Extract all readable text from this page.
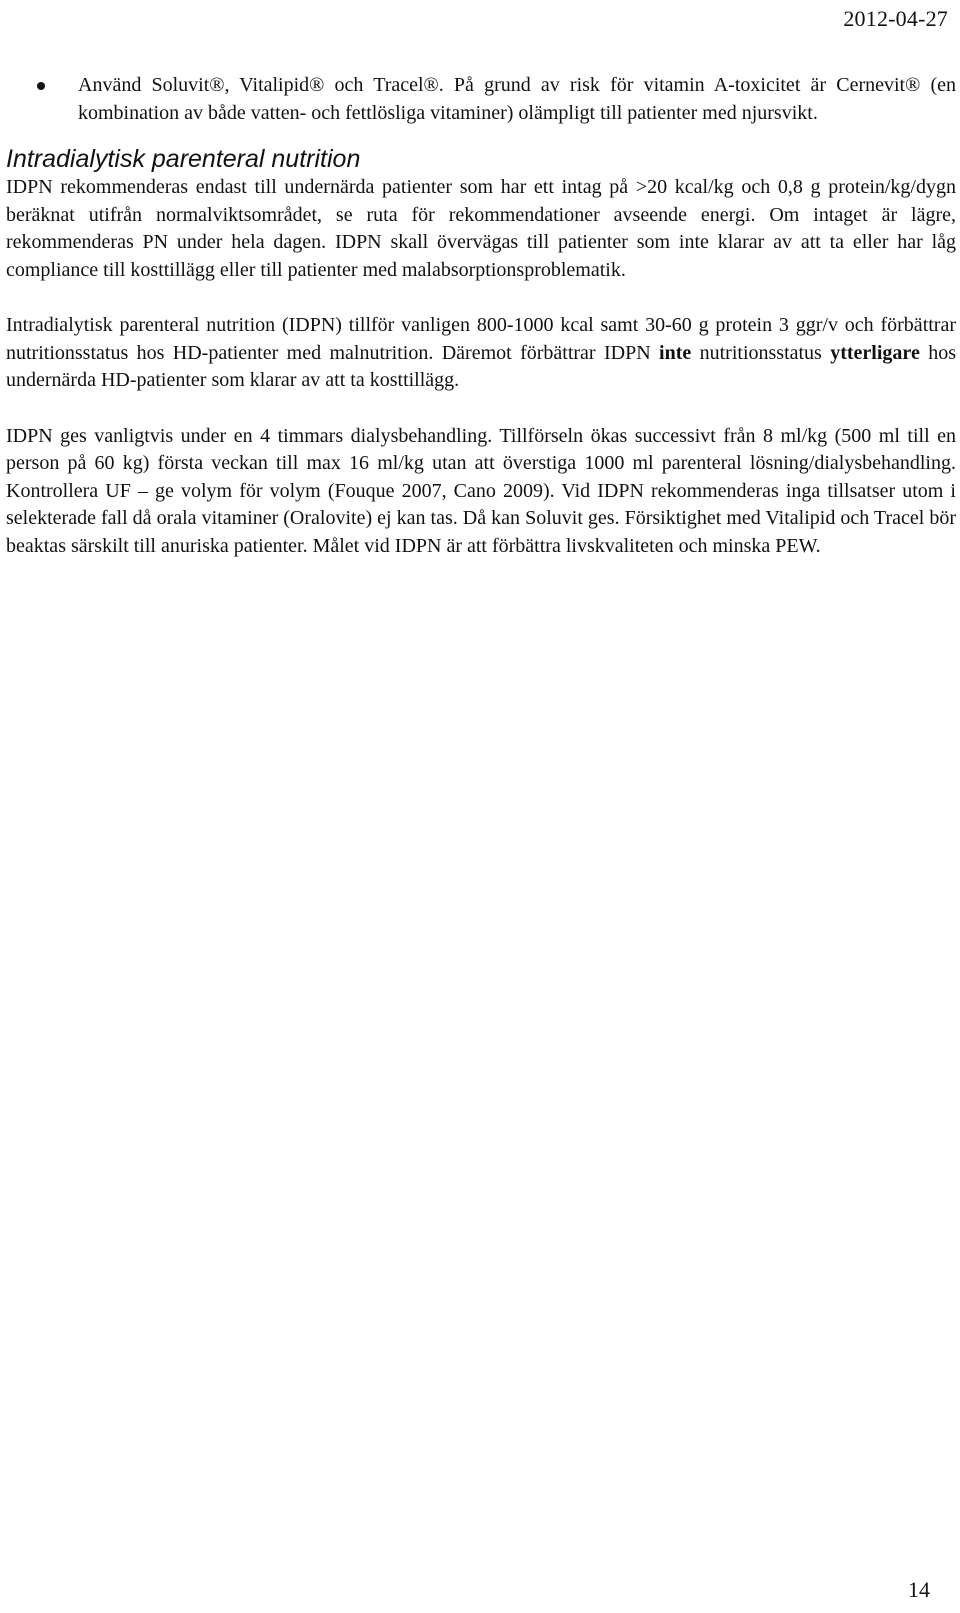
2012-04-27
Använd Soluvit®, Vitalipid® och Tracel®. På grund av risk för vitamin A-toxicitet är Cernevit® (en kombination av både vatten- och fettlösliga vitaminer) olämpligt till patienter med njursvikt.
Intradialytisk parenteral nutrition

IDPN rekommenderas endast till undernärda patienter som har ett intag på >20 kcal/kg och 0,8 g protein/kg/dygn beräknat utifrån normalviktsområdet, se ruta för rekommendationer avseende energi. Om intaget är lägre, rekommenderas PN under hela dagen. IDPN skall övervägas till patienter som inte klarar av att ta eller har låg compliance till kosttillägg eller till patienter med malabsorptionsproblematik.

Intradialytisk parenteral nutrition (IDPN) tillför vanligen 800-1000 kcal samt 30-60 g protein 3 ggr/v och förbättrar nutritionsstatus hos HD-patienter med malnutrition. Däremot förbättrar IDPN inte nutritionsstatus ytterligare hos undernärda HD-patienter som klarar av att ta kosttillägg.

IDPN ges vanligtvis under en 4 timmars dialysbehandling. Tillförseln ökas successivt från 8 ml/kg (500 ml till en person på 60 kg) första veckan till max 16 ml/kg utan att överstiga 1000 ml parenteral lösning/dialysbehandling. Kontrollera UF – ge volym för volym (Fouque 2007, Cano 2009). Vid IDPN rekommenderas inga tillsatser utom i selekterade fall då orala vitaminer (Oralovite) ej kan tas. Då kan Soluvit ges. Försiktighet med Vitalipid och Tracel bör beaktas särskilt till anuriska patienter. Målet vid IDPN är att förbättra livskvaliteten och minska PEW.

14
